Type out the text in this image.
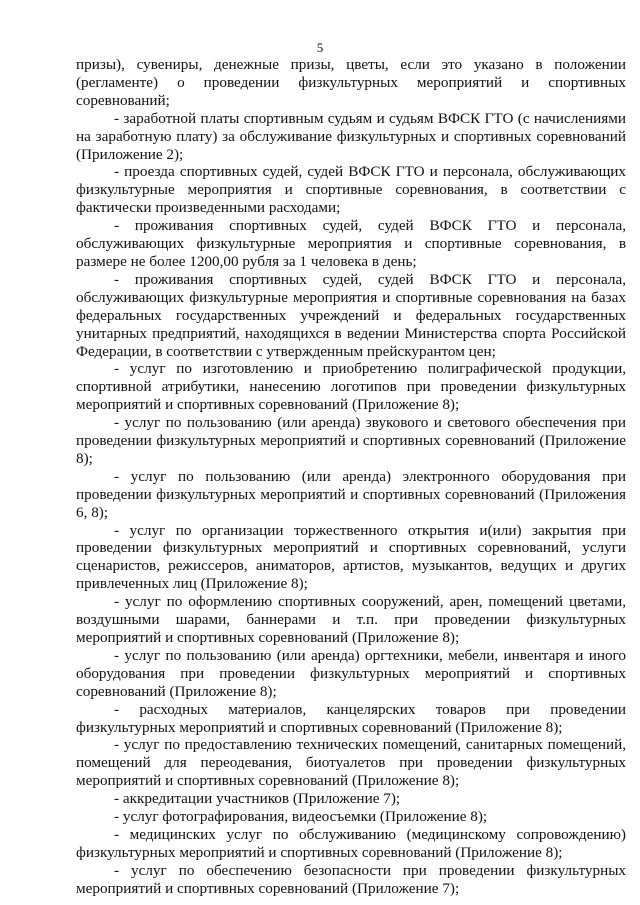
5

призы), сувениры, денежные призы, цветы, если это указано в положении (регламенте) о проведении физкультурных мероприятий и спортивных соревнований;

- заработной платы спортивным судьям и судьям ВФСК ГТО (с начислениями на заработную плату) за обслуживание физкультурных и спортивных соревнований (Приложение 2);

- проезда спортивных судей, судей ВФСК ГТО и персонала, обслуживающих физкультурные мероприятия и спортивные соревнования, в соответствии с фактически произведенными расходами;

- проживания спортивных судей, судей ВФСК ГТО и персонала, обслуживающих физкультурные мероприятия и спортивные соревнования, в размере не более 1200,00 рубля за 1 человека в день;

- проживания спортивных судей, судей ВФСК ГТО и персонала, обслуживающих физкультурные мероприятия и спортивные соревнования на базах федеральных государственных учреждений и федеральных государственных унитарных предприятий, находящихся в ведении Министерства спорта Российской Федерации, в соответствии с утвержденным прейскурантом цен;

- услуг по изготовлению и приобретению полиграфической продукции, спортивной атрибутики, нанесению логотипов при проведении физкультурных мероприятий и спортивных соревнований (Приложение 8);

- услуг по пользованию (или аренда) звукового и светового обеспечения при проведении физкультурных мероприятий и спортивных соревнований (Приложение 8);

- услуг по пользованию (или аренда) электронного оборудования при проведении физкультурных мероприятий и спортивных соревнований (Приложения 6, 8);

- услуг по организации торжественного открытия и(или) закрытия при проведении физкультурных мероприятий и спортивных соревнований, услуги сценаристов, режиссеров, аниматоров, артистов, музыкантов, ведущих и других привлеченных лиц (Приложение 8);

- услуг по оформлению спортивных сооружений, арен, помещений цветами, воздушными шарами, баннерами и т.п. при проведении физкультурных мероприятий и спортивных соревнований (Приложение 8);

- услуг по пользованию (или аренда) оргтехники, мебели, инвентаря и иного оборудования при проведении физкультурных мероприятий и спортивных соревнований (Приложение 8);

- расходных материалов, канцелярских товаров при проведении физкультурных мероприятий и спортивных соревнований (Приложение 8);

- услуг по предоставлению технических помещений, санитарных помещений, помещений для переодевания, биотуалетов при проведении физкультурных мероприятий и спортивных соревнований (Приложение 8);

- аккредитации участников (Приложение 7);

- услуг фотографирования, видеосъемки (Приложение 8);

- медицинских услуг по обслуживанию (медицинскому сопровождению) физкультурных мероприятий и спортивных соревнований (Приложение 8);

- услуг по обеспечению безопасности при проведении физкультурных мероприятий и спортивных соревнований (Приложение 7);
